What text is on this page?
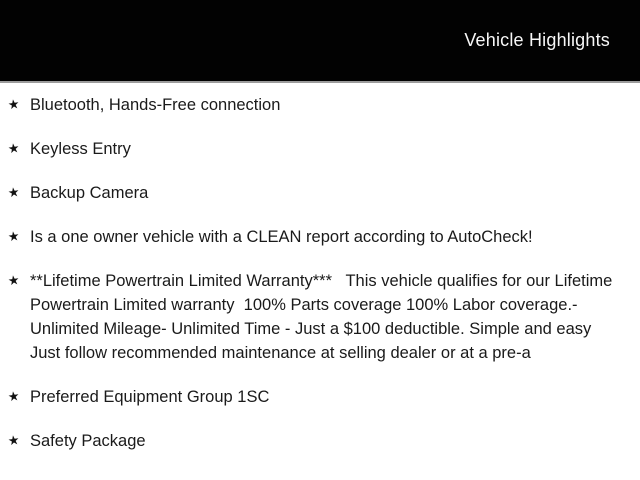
Vehicle Highlights
★ Bluetooth, Hands-Free connection
★ Keyless Entry
★ Backup Camera
★ Is a one owner vehicle with a CLEAN report according to AutoCheck!
★ **Lifetime Powertrain Limited Warranty***   This vehicle qualifies for our Lifetime Powertrain Limited warranty  100% Parts coverage 100% Labor coverage.- Unlimited Mileage- Unlimited Time - Just a $100 deductible. Simple and easy Just follow recommended maintenance at selling dealer or at a pre-a
★ Preferred Equipment Group 1SC
★ Safety Package
